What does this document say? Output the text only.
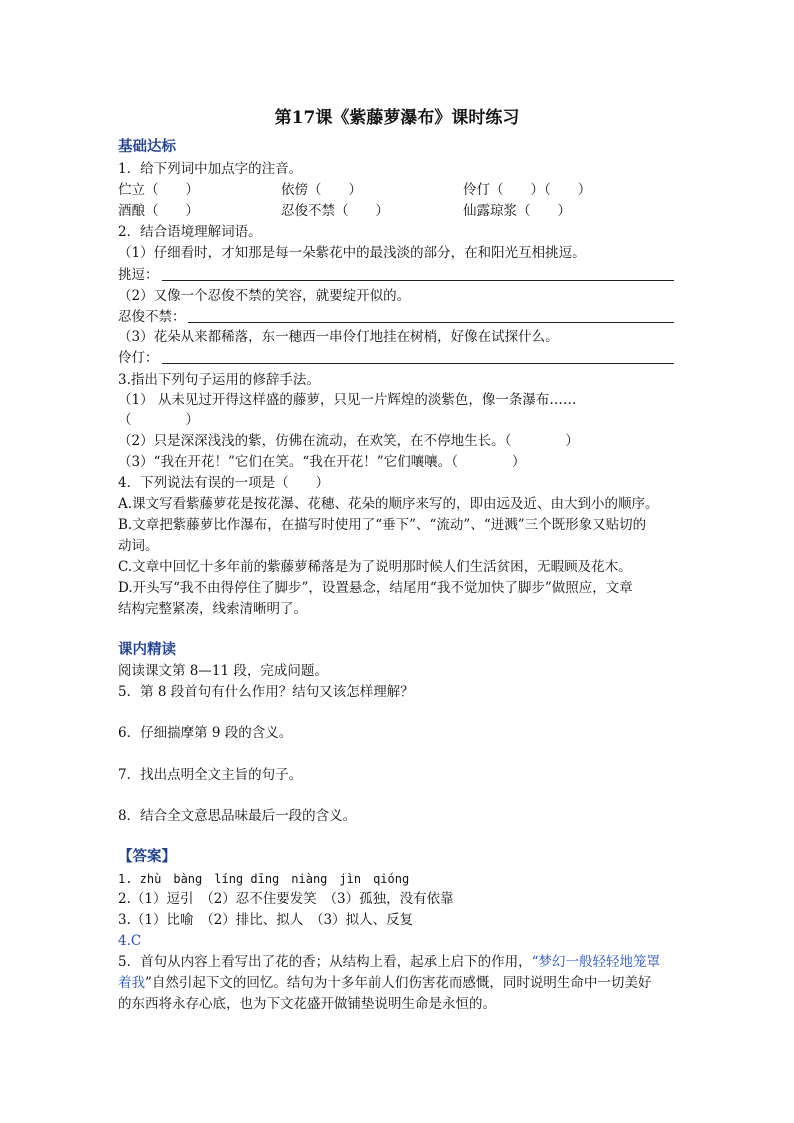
第17课《紫藤萝瀑布》课时练习
基础达标
1．给下列词中加点字的注音。
伫立（　　）	依傍（　　）	伶仃（　　）（　　）
酒酿（　　）	忍俊不禁（　　）	仙露琼浆（　　）
2．结合语境理解词语。
（1）仔细看时，才知那是每一朵紫花中的最浅淡的部分，在和阳光互相挑逗。
挑逗：
（2）又像一个忍俊不禁的笑容，就要绽开似的。
忍俊不禁：
（3）花朵从来都稀落，东一穗西一串伶仃地挂在树梢，好像在试探什么。
伶仃：
3.指出下列句子运用的修辞手法。
（1） 从未见过开得这样盛的藤萝，只见一片辉煌的淡紫色，像一条瀑布……
（　　　　）
（2）只是深深浅浅的紫，仿佛在流动，在欢笑，在不停地生长。（　　　　）
（3）“我在开花！”它们在笑。“我在开花！”它们嚷嚷。（　　　　）
4．下列说法有误的一项是（　　）
A.课文写看紫藤萝花是按花瀑、花穗、花朵的顺序来写的，即由远及近、由大到小的顺序。
B.文章把紫藤萝比作瀑布，在描写时使用了“垂下”、“流动”、“迸溅”三个既形象又贴切的
动词。
C.文章中回忆十多年前的紫藤萝稀落是为了说明那时候人们生活贫困，无暇顾及花木。
D.开头写“我不由得停住了脚步”，设置悬念，结尾用“我不觉加快了脚步”做照应，文章
结构完整紧凑，线索清晰明了。
课内精读
阅读课文第 8—11 段，完成问题。
5．第 8 段首句有什么作用？结句又该怎样理解？
6．仔细揣摩第 9 段的含义。
7．找出点明全文主旨的句子。
8．结合全文意思品味最后一段的含义。
【答案】
1. zhù　bàng　líng dīng　niàng　jìn　qióng
2.（1）逗引　（2）忍不住要发笑　（3）孤独，没有依靠
3.（1）比喻　（2）排比、拟人　（3）拟人、反复
4.C
5．首句从内容上看写出了花的香；从结构上看，起承上启下的作用，“梦幻一般轻轻地笼罩
着我”自然引起下文的回忆。结句为十多年前人们伤害花而感慨，同时说明生命中一切美好
的东西将永存心底，也为下文花盛开做铺垫说明生命是永恒的。
